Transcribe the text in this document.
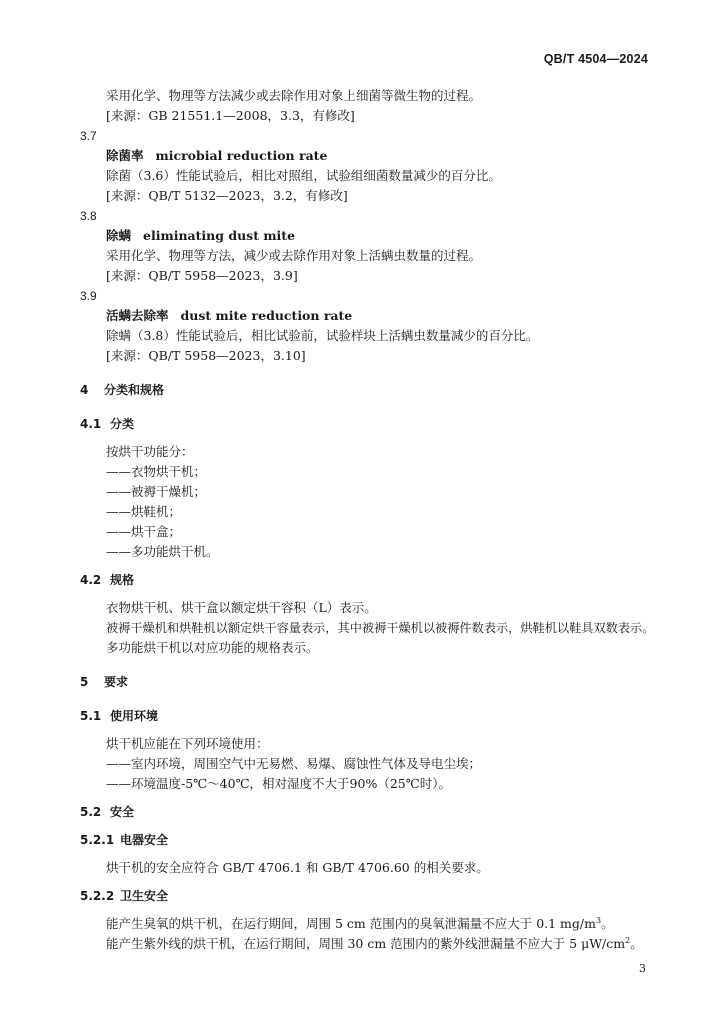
QB/T 4504—2024

采用化学、物理等方法减少或去除作用对象上细菌等微生物的过程。

[来源：GB 21551.1—2008，3.3，有修改]

3.7

除菌率 microbial reduction rate

除菌（3.6）性能试验后，相比对照组，试验组细菌数量减少的百分比。

[来源：QB/T 5132—2023，3.2，有修改]

3.8

除螨 eliminating dust mite

采用化学、物理等方法，减少或去除作用对象上活螨虫数量的过程。

[来源：QB/T 5958—2023，3.9]

3.9

活螨去除率 dust mite reduction rate

除螨（3.8）性能试验后，相比试验前，试验样块上活螨虫数量减少的百分比。

[来源：QB/T 5958—2023，3.10]

4 分类和规格

4.1 分类

按烘干功能分：

——衣物烘干机；

——被褥干燥机；

——烘鞋机；

——烘干盒；

——多功能烘干机。

4.2 规格

衣物烘干机、烘干盒以额定烘干容积（L）表示。

被褥干燥机和烘鞋机以额定烘干容量表示，其中被褥干燥机以被褥件数表示，烘鞋机以鞋具双数表示。

多功能烘干机以对应功能的规格表示。

5 要求

5.1 使用环境

烘干机应能在下列环境使用：

——室内环境，周围空气中无易燃、易爆、腐蚀性气体及导电尘埃；

——环境温度-5℃～40℃，相对湿度不大于90%（25℃时）。

5.2 安全

5.2.1 电器安全

烘干机的安全应符合 GB/T 4706.1 和 GB/T 4706.60 的相关要求。

5.2.2 卫生安全

能产生臭氧的烘干机，在运行期间，周围 5 cm 范围内的臭氧泄漏量不应大于 0.1 $mg/m^3$。

能产生紫外线的烘干机，在运行期间，周围 30 cm 范围内的紫外线泄漏量不应大于 5 $\mu W/cm^2$。

3
